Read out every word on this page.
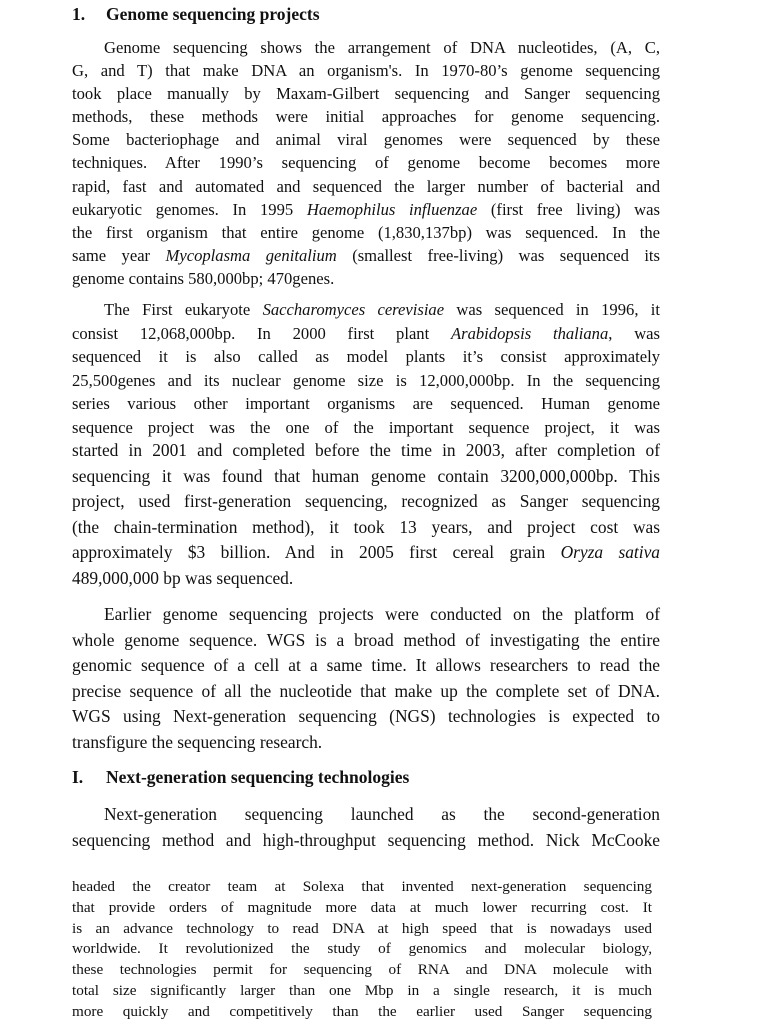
1. Genome sequencing projects
Genome sequencing shows the arrangement of DNA nucleotides, (A, C,
G, and T) that make DNA an organism's. In 1970-80’s genome sequencing
took place manually by Maxam-Gilbert sequencing and Sanger sequencing
methods, these methods were initial approaches for genome sequencing.
Some bacteriophage and animal viral genomes were sequenced by these
techniques. After 1990’s sequencing of genome become becomes more
rapid, fast and automated and sequenced the larger number of bacterial and
eukaryotic genomes. In 1995 Haemophilus influenzae (first free living) was
the first organism that entire genome (1,830,137bp) was sequenced. In the
same year Mycoplasma genitalium (smallest free-living) was sequenced its
genome contains 580,000bp; 470genes.
The First eukaryote Saccharomyces cerevisiae was sequenced in 1996, it
consist 12,068,000bp. In 2000 first plant Arabidopsis thaliana, was
sequenced it is also called as model plants it’s consist approximately
25,500genes and its nuclear genome size is 12,000,000bp. In the sequencing
series various other important organisms are sequenced. Human genome
sequence project was the one of the important sequence project, it was
started in 2001 and completed before the time in 2003, after completion of
sequencing it was found that human genome contain 3200,000,000bp. This
project, used first-generation sequencing, recognized as Sanger sequencing
(the chain-termination method), it took 13 years, and project cost was
approximately $3 billion. And in 2005 first cereal grain Oryza sativa
489,000,000 bp was sequenced.
Earlier genome sequencing projects were conducted on the platform of
whole genome sequence. WGS is a broad method of investigating the entire
genomic sequence of a cell at a same time. It allows researchers to read the
precise sequence of all the nucleotide that make up the complete set of DNA.
WGS using Next-generation sequencing (NGS) technologies is expected to
transfigure the sequencing research.
I. Next-generation sequencing technologies
Next-generation sequencing launched as the second-generation
sequencing method and high-throughput sequencing method. Nick McCooke
headed the creator team at Solexa that invented next-generation sequencing
that provide orders of magnitude more data at much lower recurring cost. It
is an advance technology to read DNA at high speed that is nowadays used
worldwide. It revolutionized the study of genomics and molecular biology,
these technologies permit for sequencing of RNA and DNA molecule with
total size significantly larger than one Mbp in a single research, it is much
more quickly and competitively than the earlier used Sanger sequencing
